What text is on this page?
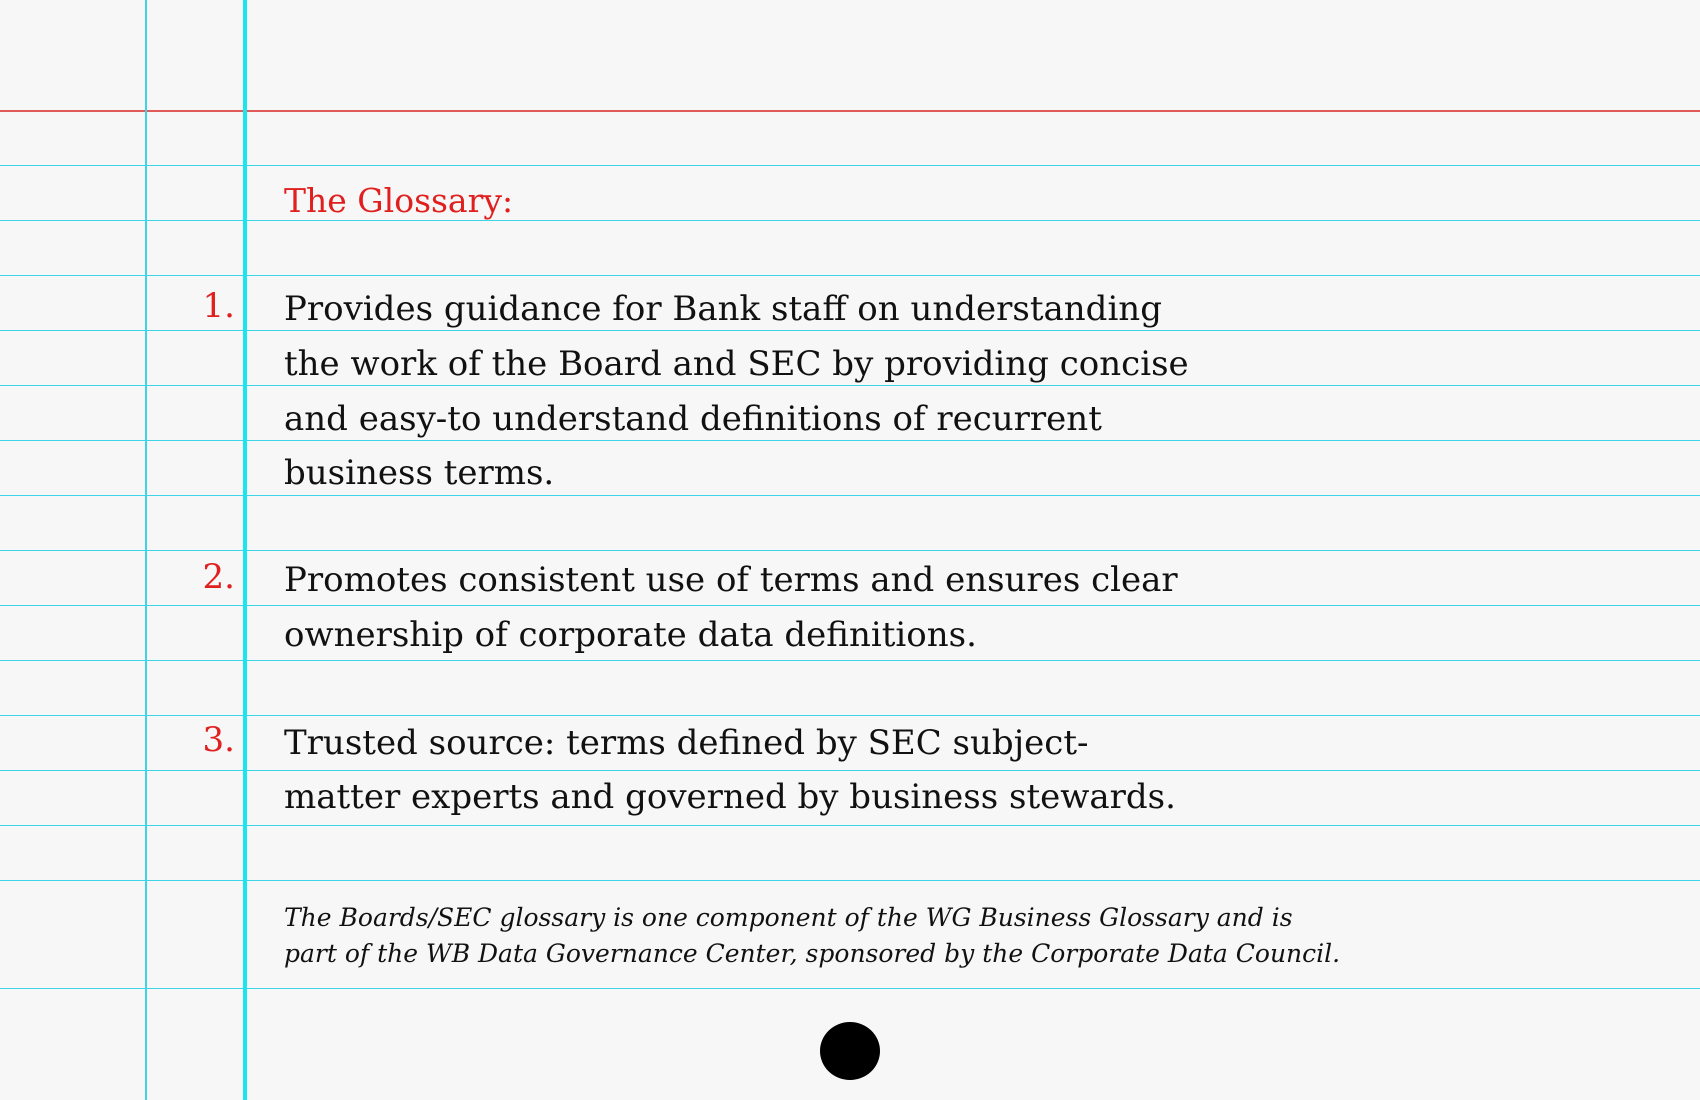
The Glossary:
1. Provides guidance for Bank staff on understanding
the work of the Board and SEC by providing concise
and easy-to understand definitions of recurrent
business terms.
2. Promotes consistent use of terms and ensures clear
ownership of corporate data definitions.
3. Trusted source: terms defined by SEC subject-
matter experts and governed by business stewards.
The Boards/SEC glossary is one component of the WG Business Glossary and is
part of the WB Data Governance Center, sponsored by the Corporate Data Council.
